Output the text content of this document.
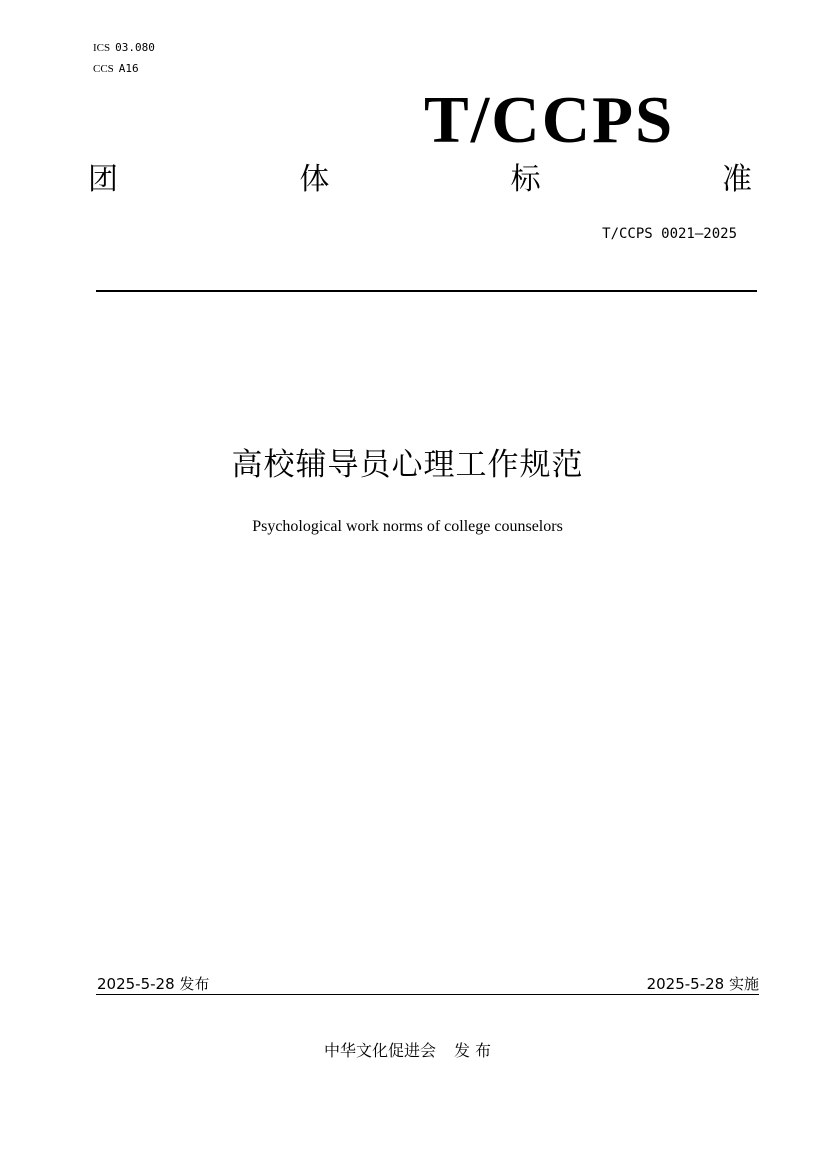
ICS 03.080
CCS A16
T/CCPS
团	体	标	准
T/CCPS 0021—2025
高校辅导员心理工作规范
Psychological work norms of college counselors
2025-5-28 发布	2025-5-28 实施
中华文化促进会 发 布
